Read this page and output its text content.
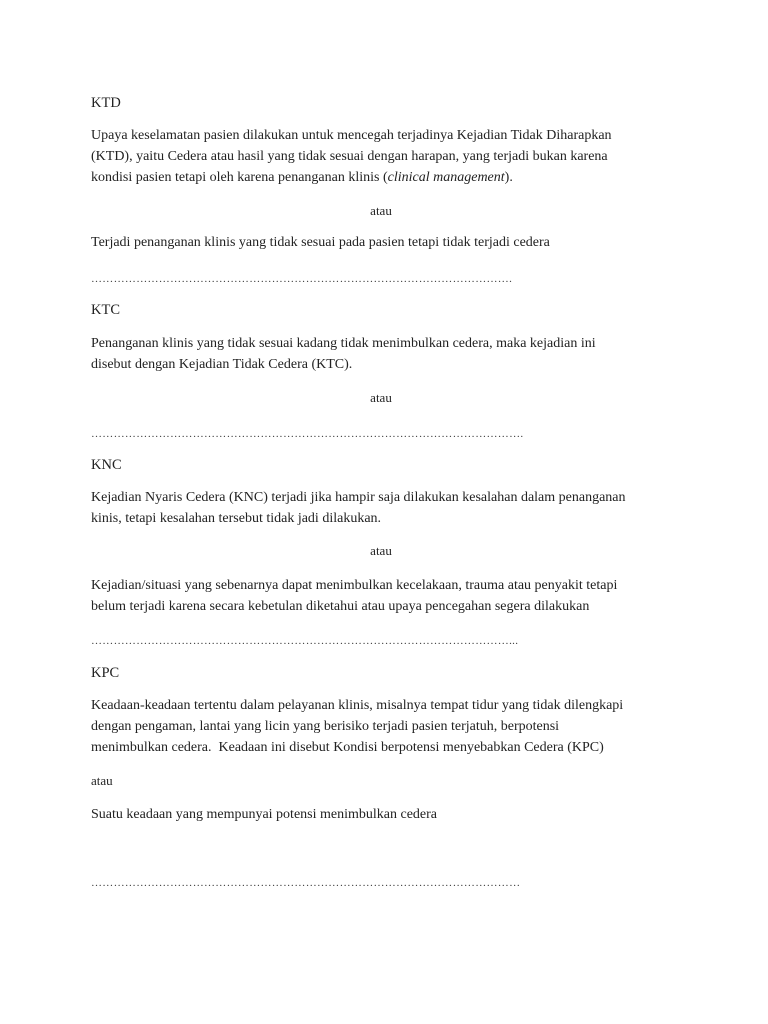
KTD

Upaya keselamatan pasien dilakukan untuk mencegah terjadinya Kejadian Tidak Diharapkan

(KTD), yaitu Cedera atau hasil yang tidak sesuai dengan harapan, yang terjadi bukan karena

kondisi pasien tetapi oleh karena penanganan klinis (clinical management).

atau

Terjadi penanganan klinis yang tidak sesuai pada pasien tetapi tidak terjadi cedera

………………………………………………………………………………………………….

KTC

Penanganan klinis yang tidak sesuai kadang tidak menimbulkan cedera, maka kejadian ini

disebut dengan Kejadian Tidak Cedera (KTC).

atau

…………………………………………………………………………………………………….

KNC

Kejadian Nyaris Cedera (KNC) terjadi jika hampir saja dilakukan kesalahan dalam penanganan

kinis, tetapi kesalahan tersebut tidak jadi dilakukan.

atau

Kejadian/situasi yang sebenarnya dapat menimbulkan kecelakaan, trauma atau penyakit tetapi

belum terjadi karena secara kebetulan diketahui atau upaya pencegahan segera dilakukan

…………………………………………………………………………………………………...

KPC

Keadaan-keadaan tertentu dalam pelayanan klinis, misalnya tempat tidur yang tidak dilengkapi

dengan pengaman, lantai yang licin yang berisiko terjadi pasien terjatuh, berpotensi

menimbulkan cedera.  Keadaan ini disebut Kondisi berpotensi menyebabkan Cedera (KPC)

atau

Suatu keadaan yang mempunyai potensi menimbulkan cedera

……………………………………………………………………………………………………
